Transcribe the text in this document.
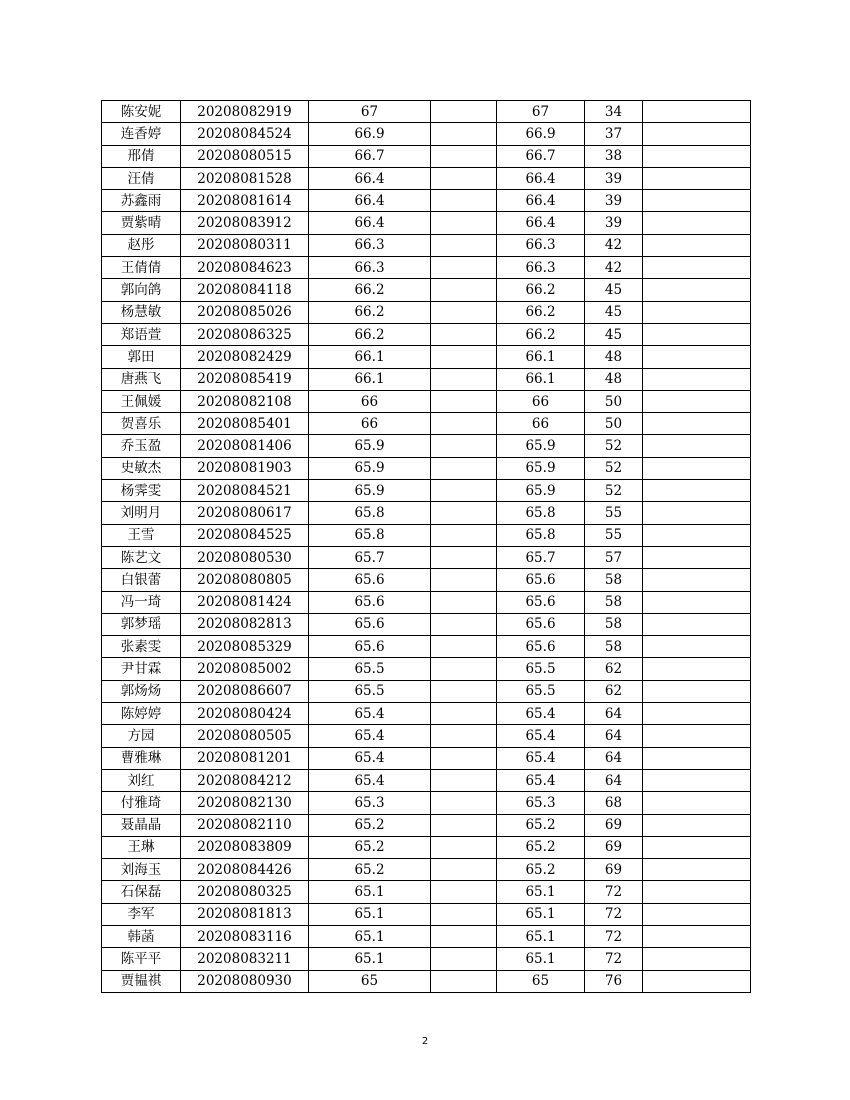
陈安妮	20208082919	67		67	34	
连香婷	20208084524	66.9		66.9	37	
邢倩	20208080515	66.7		66.7	38	
汪倩	20208081528	66.4		66.4	39	
苏鑫雨	20208081614	66.4		66.4	39	
贾紫晴	20208083912	66.4		66.4	39	
赵彤	20208080311	66.3		66.3	42	
王倩倩	20208084623	66.3		66.3	42	
郭向鸽	20208084118	66.2		66.2	45	
杨慧敏	20208085026	66.2		66.2	45	
郑语萱	20208086325	66.2		66.2	45	
郭田	20208082429	66.1		66.1	48	
唐燕飞	20208085419	66.1		66.1	48	
王佩媛	20208082108	66		66	50	
贺喜乐	20208085401	66		66	50	
乔玉盈	20208081406	65.9		65.9	52	
史敏杰	20208081903	65.9		65.9	52	
杨霁雯	20208084521	65.9		65.9	52	
刘明月	20208080617	65.8		65.8	55	
王雪	20208084525	65.8		65.8	55	
陈艺文	20208080530	65.7		65.7	57	
白银蕾	20208080805	65.6		65.6	58	
冯一琦	20208081424	65.6		65.6	58	
郭梦瑶	20208082813	65.6		65.6	58	
张素雯	20208085329	65.6		65.6	58	
尹甘霖	20208085002	65.5		65.5	62	
郭炀炀	20208086607	65.5		65.5	62	
陈婷婷	20208080424	65.4		65.4	64	
方园	20208080505	65.4		65.4	64	
曹雅琳	20208081201	65.4		65.4	64	
刘红	20208084212	65.4		65.4	64	
付雅琦	20208082130	65.3		65.3	68	
聂晶晶	20208082110	65.2		65.2	69	
王琳	20208083809	65.2		65.2	69	
刘海玉	20208084426	65.2		65.2	69	
石保磊	20208080325	65.1		65.1	72	
李军	20208081813	65.1		65.1	72	
韩菡	20208083116	65.1		65.1	72	
陈平平	20208083211	65.1		65.1	72	
贾韫祺	20208080930	65		65	76	
2
